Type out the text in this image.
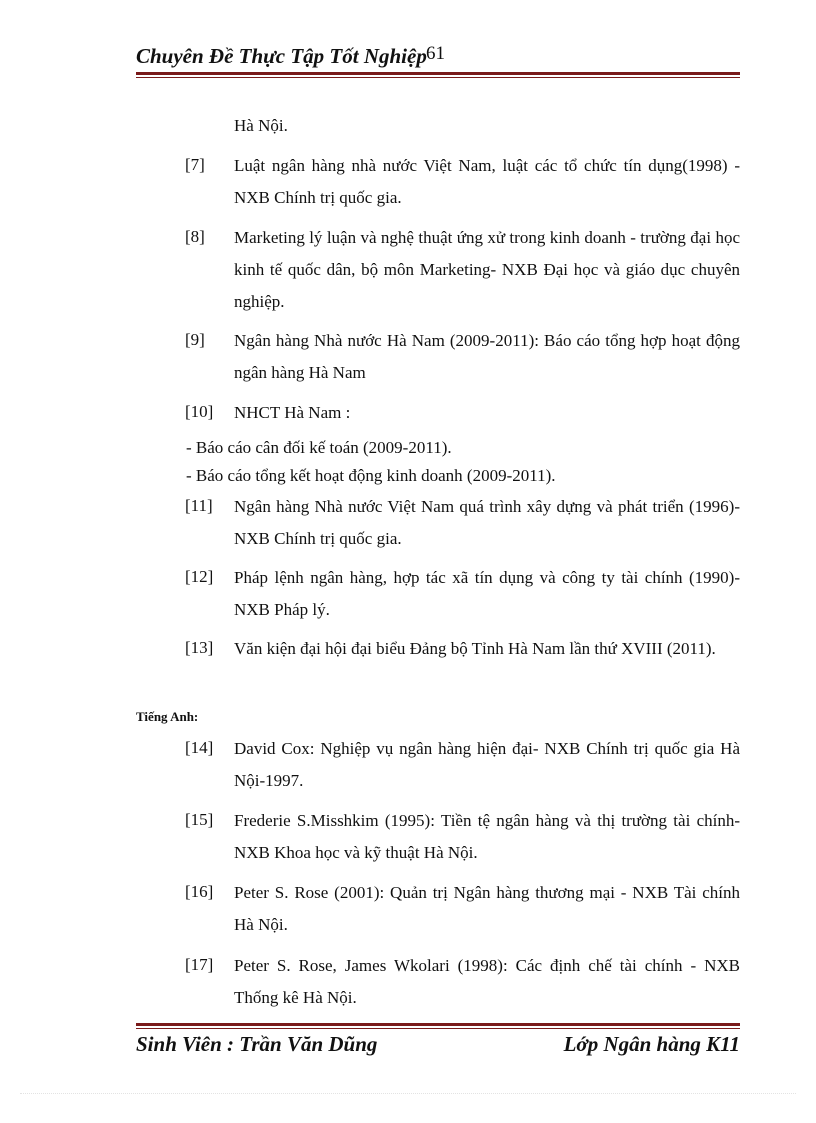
Chuyên Đề Thực Tập Tốt Nghiệp 61
Hà Nội.
[7] Luật ngân hàng nhà nước Việt Nam, luật các tổ chức tín dụng(1998) - NXB Chính trị quốc gia.
[8] Marketing lý luận và nghệ thuật ứng xử trong kinh doanh - trường đại học kinh tế quốc dân, bộ môn Marketing- NXB Đại học và giáo dục chuyên nghiệp.
[9] Ngân hàng Nhà nước Hà Nam (2009-2011): Báo cáo tổng hợp hoạt động ngân hàng Hà Nam
[10] NHCT Hà Nam :
- Báo cáo cân đối kế toán (2009-2011).
- Báo cáo tổng kết hoạt động kinh doanh (2009-2011).
[11] Ngân hàng Nhà nước Việt Nam quá trình xây dựng và phát triển (1996)- NXB Chính trị quốc gia.
[12] Pháp lệnh ngân hàng, hợp tác xã tín dụng và công ty tài chính (1990)- NXB Pháp lý.
[13] Văn kiện đại hội đại biểu Đảng bộ Tỉnh Hà Nam lần thứ XVIII (2011).
Tiếng Anh:
[14] David Cox: Nghiệp vụ ngân hàng hiện đại- NXB Chính trị quốc gia Hà Nội-1997.
[15] Frederie S.Misshkim (1995): Tiền tệ ngân hàng và thị trường tài chính- NXB Khoa học và kỹ thuật Hà Nội.
[16] Peter S. Rose (2001): Quản trị Ngân hàng thương mại - NXB Tài chính Hà Nội.
[17] Peter S. Rose, James Wkolari (1998): Các định chế tài chính - NXB Thống kê Hà Nội.
Sinh Viên : Trần Văn Dũng	Lớp Ngân hàng K11
